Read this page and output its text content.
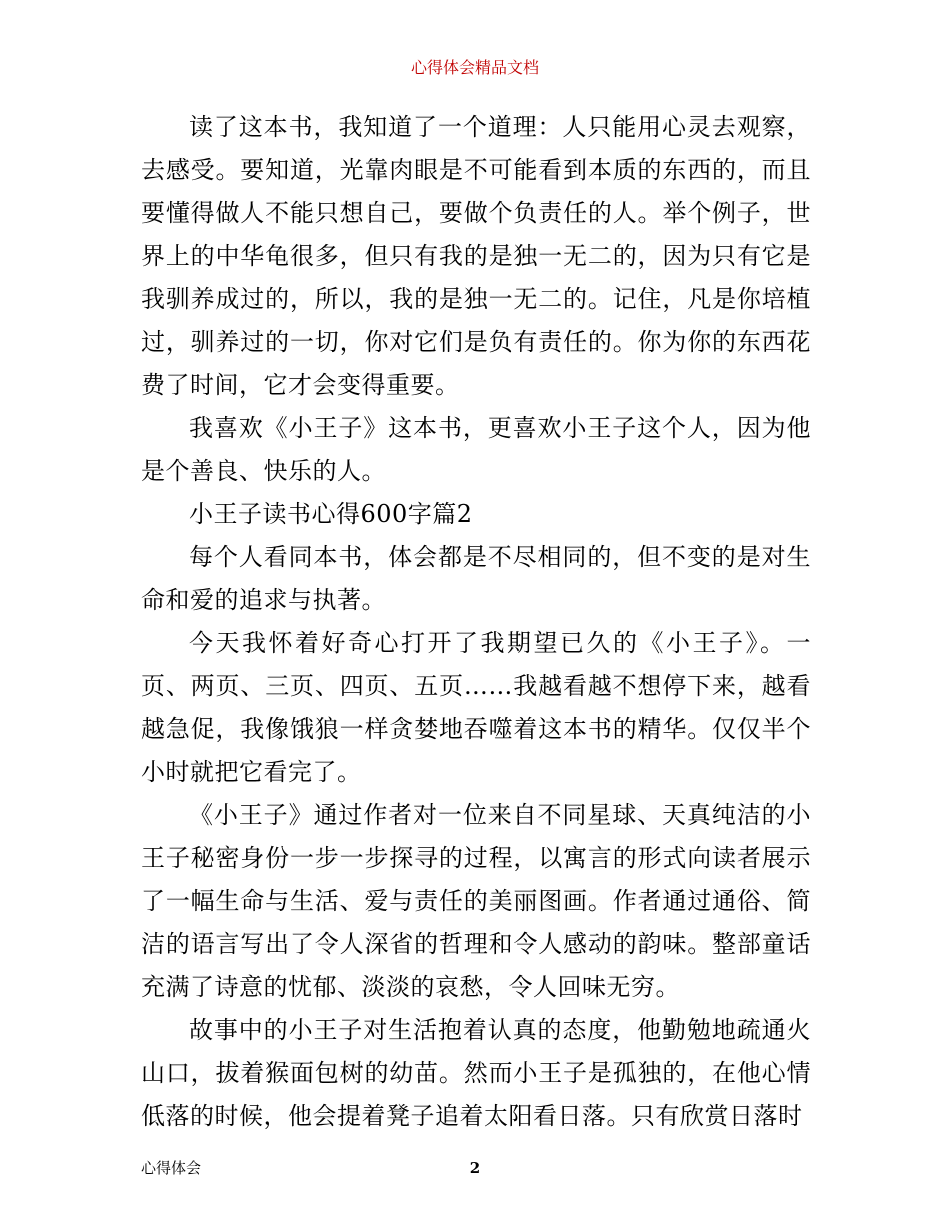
心得体会精品文档

读了这本书，我知道了一个道理：人只能用心灵去观察，去感受。要知道，光靠肉眼是不可能看到本质的东西的，而且要懂得做人不能只想自己，要做个负责任的人。举个例子，世界上的中华龟很多，但只有我的是独一无二的，因为只有它是我驯养成过的，所以，我的是独一无二的。记住，凡是你培植过，驯养过的一切，你对它们是负有责任的。你为你的东西花费了时间，它才会变得重要。

我喜欢《小王子》这本书，更喜欢小王子这个人，因为他是个善良、快乐的人。

小王子读书心得600字篇2

每个人看同本书，体会都是不尽相同的，但不变的是对生命和爱的追求与执著。

今天我怀着好奇心打开了我期望已久的《小王子》。一页、两页、三页、四页、五页……我越看越不想停下来，越看越急促，我像饿狼一样贪婪地吞噬着这本书的精华。仅仅半个小时就把它看完了。

《小王子》通过作者对一位来自不同星球、天真纯洁的小王子秘密身份一步一步探寻的过程，以寓言的形式向读者展示了一幅生命与生活、爱与责任的美丽图画。作者通过通俗、简洁的语言写出了令人深省的哲理和令人感动的韵味。整部童话充满了诗意的忧郁、淡淡的哀愁，令人回味无穷。

故事中的小王子对生活抱着认真的态度，他勤勉地疏通火山口，拔着猴面包树的幼苗。然而小王子是孤独的，在他心情低落的时候，他会提着凳子追着太阳看日落。只有欣赏日落时

心得体会	2
